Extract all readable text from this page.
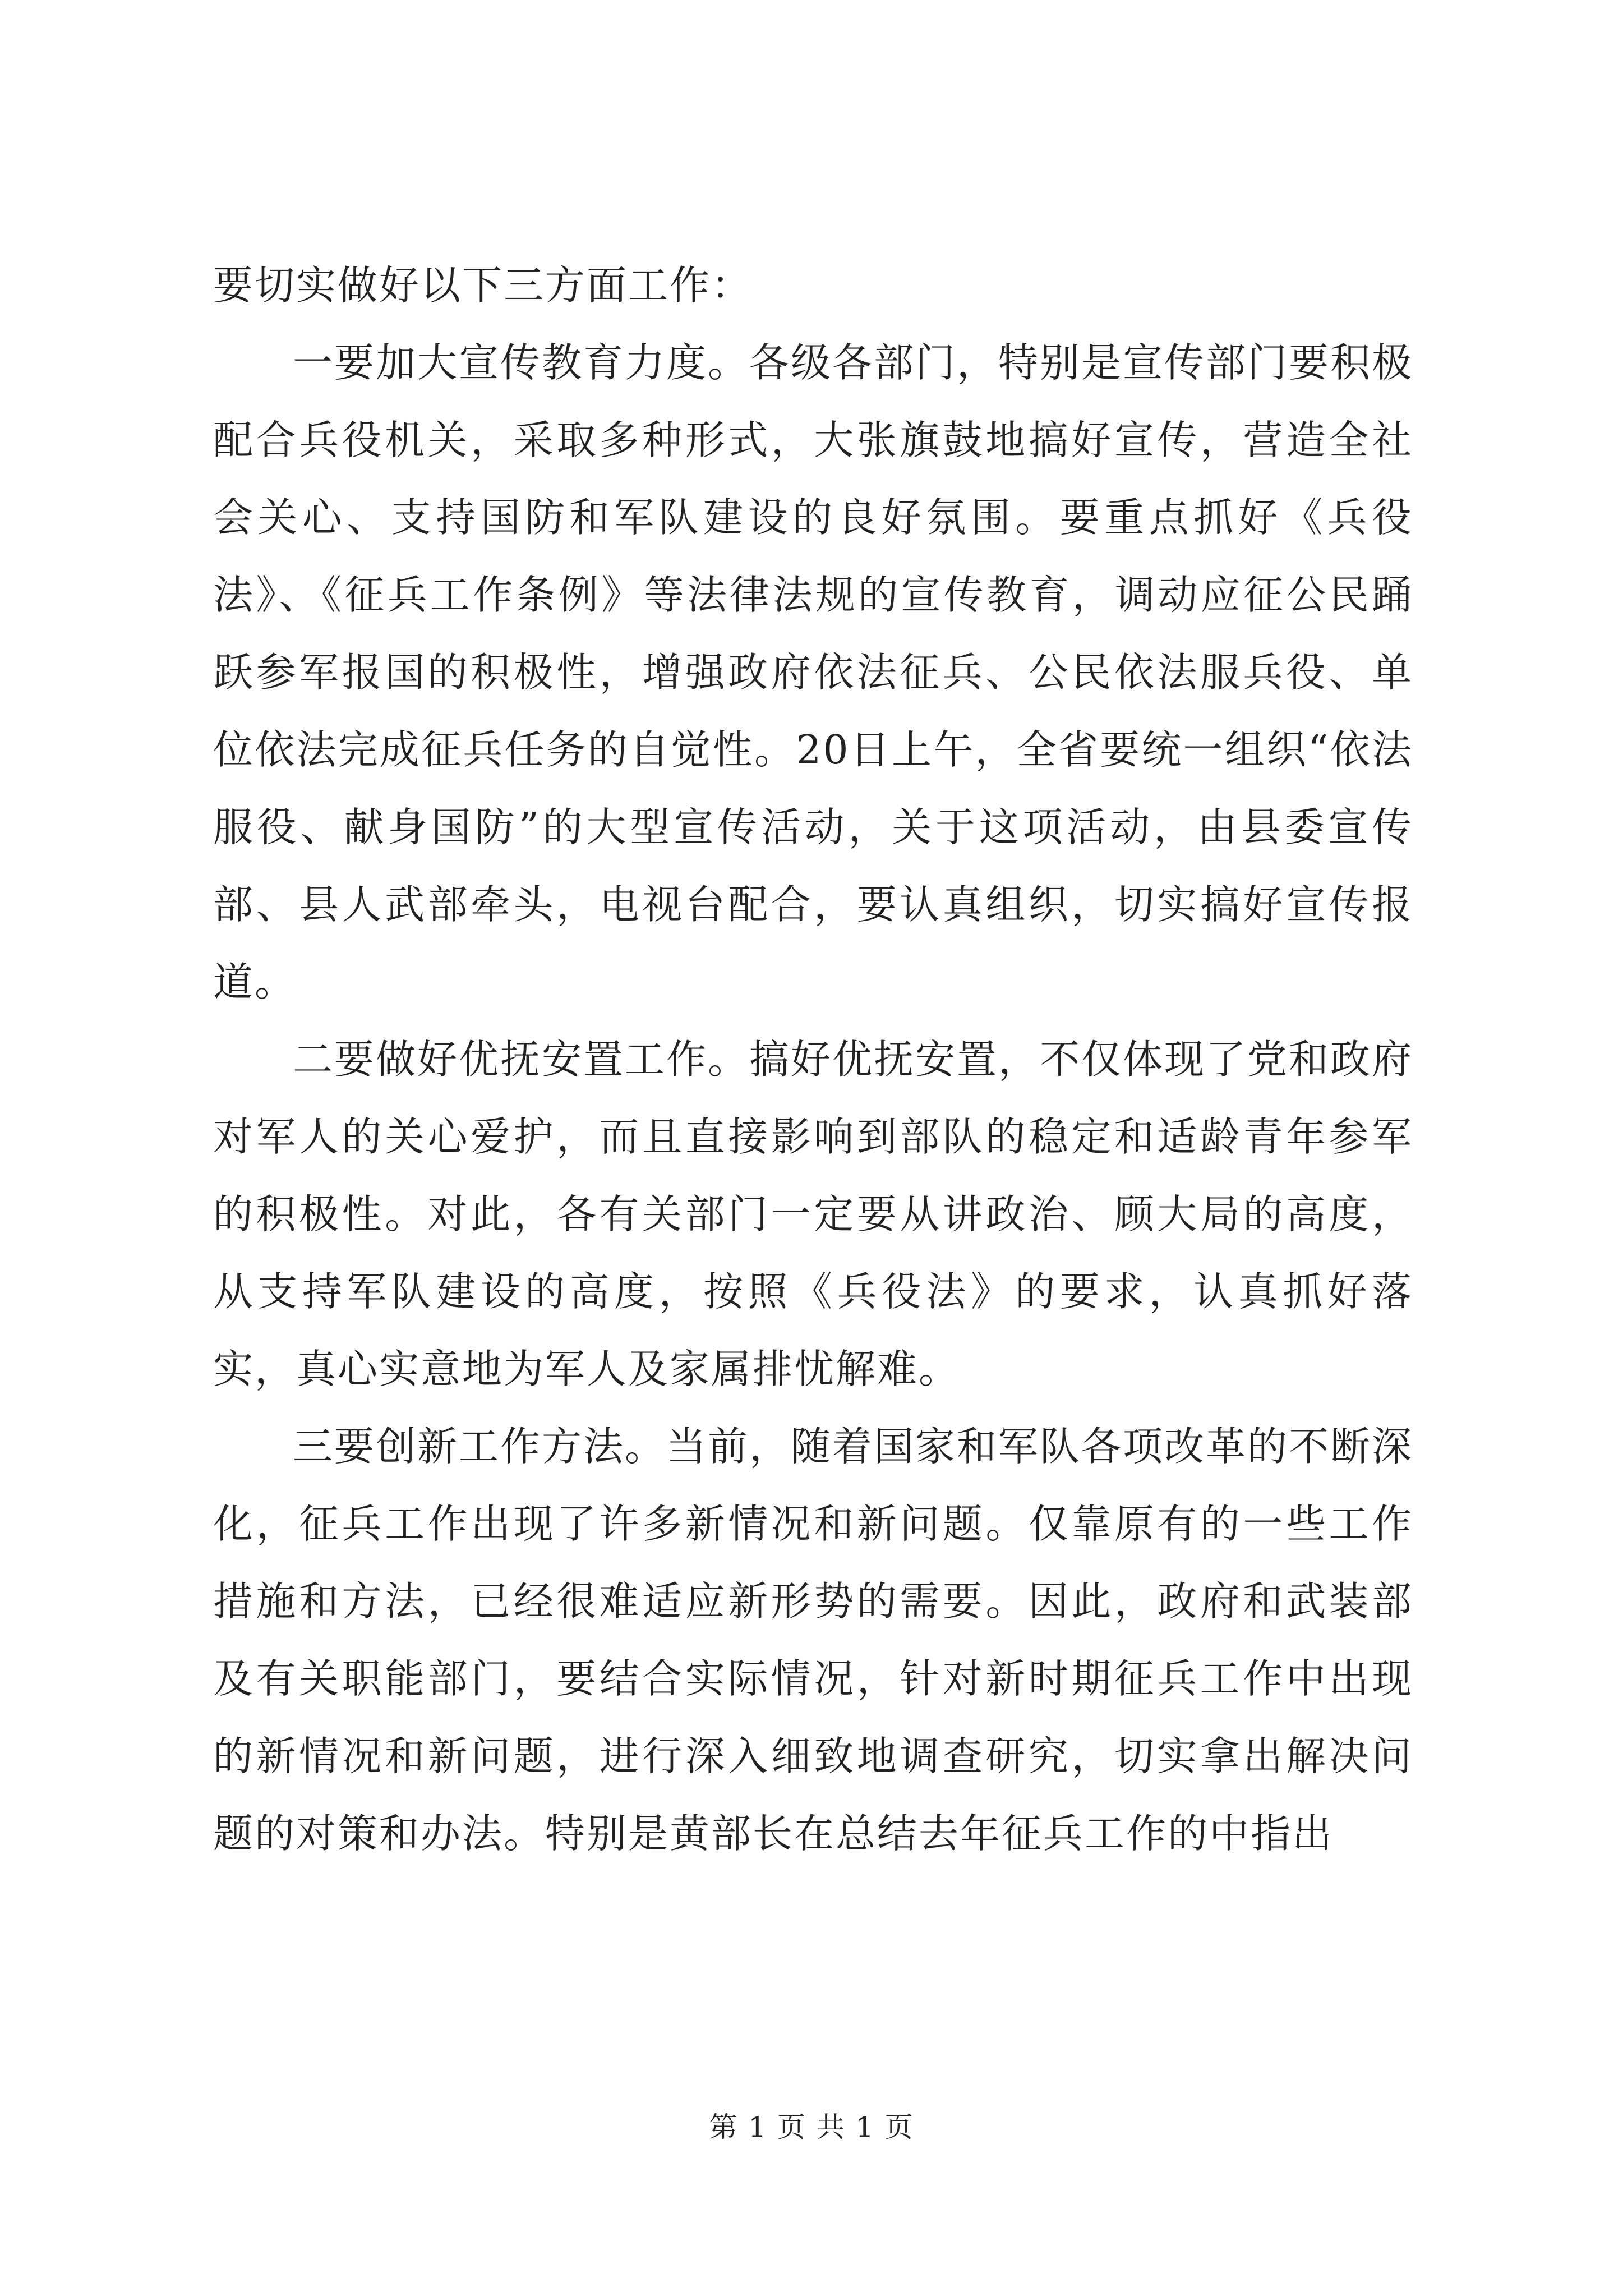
要切实做好以下三方面工作：

一要加大宣传教育力度。各级各部门，特别是宣传部门要积极配合兵役机关，采取多种形式，大张旗鼓地搞好宣传，营造全社会关心、支持国防和军队建设的良好氛围。要重点抓好《兵役法》、《征兵工作条例》等法律法规的宣传教育，调动应征公民踊跃参军报国的积极性，增强政府依法征兵、公民依法服兵役、单位依法完成征兵任务的自觉性。20日上午，全省要统一组织“依法服役、献身国防”的大型宣传活动，关于这项活动，由县委宣传部、县人武部牵头，电视台配合，要认真组织，切实搞好宣传报道。

二要做好优抚安置工作。搞好优抚安置，不仅体现了党和政府对军人的关心爱护，而且直接影响到部队的稳定和适龄青年参军的积极性。对此，各有关部门一定要从讲政治、顾大局的高度，从支持军队建设的高度，按照《兵役法》的要求，认真抓好落实，真心实意地为军人及家属排忧解难。

三要创新工作方法。当前，随着国家和军队各项改革的不断深化，征兵工作出现了许多新情况和新问题。仅靠原有的一些工作措施和方法，已经很难适应新形势的需要。因此，政府和武装部及有关职能部门，要结合实际情况，针对新时期征兵工作中出现的新情况和新问题，进行深入细致地调查研究，切实拿出解决问题的对策和办法。特别是黄部长在总结去年征兵工作的中指出

第 1 页 共 1 页
